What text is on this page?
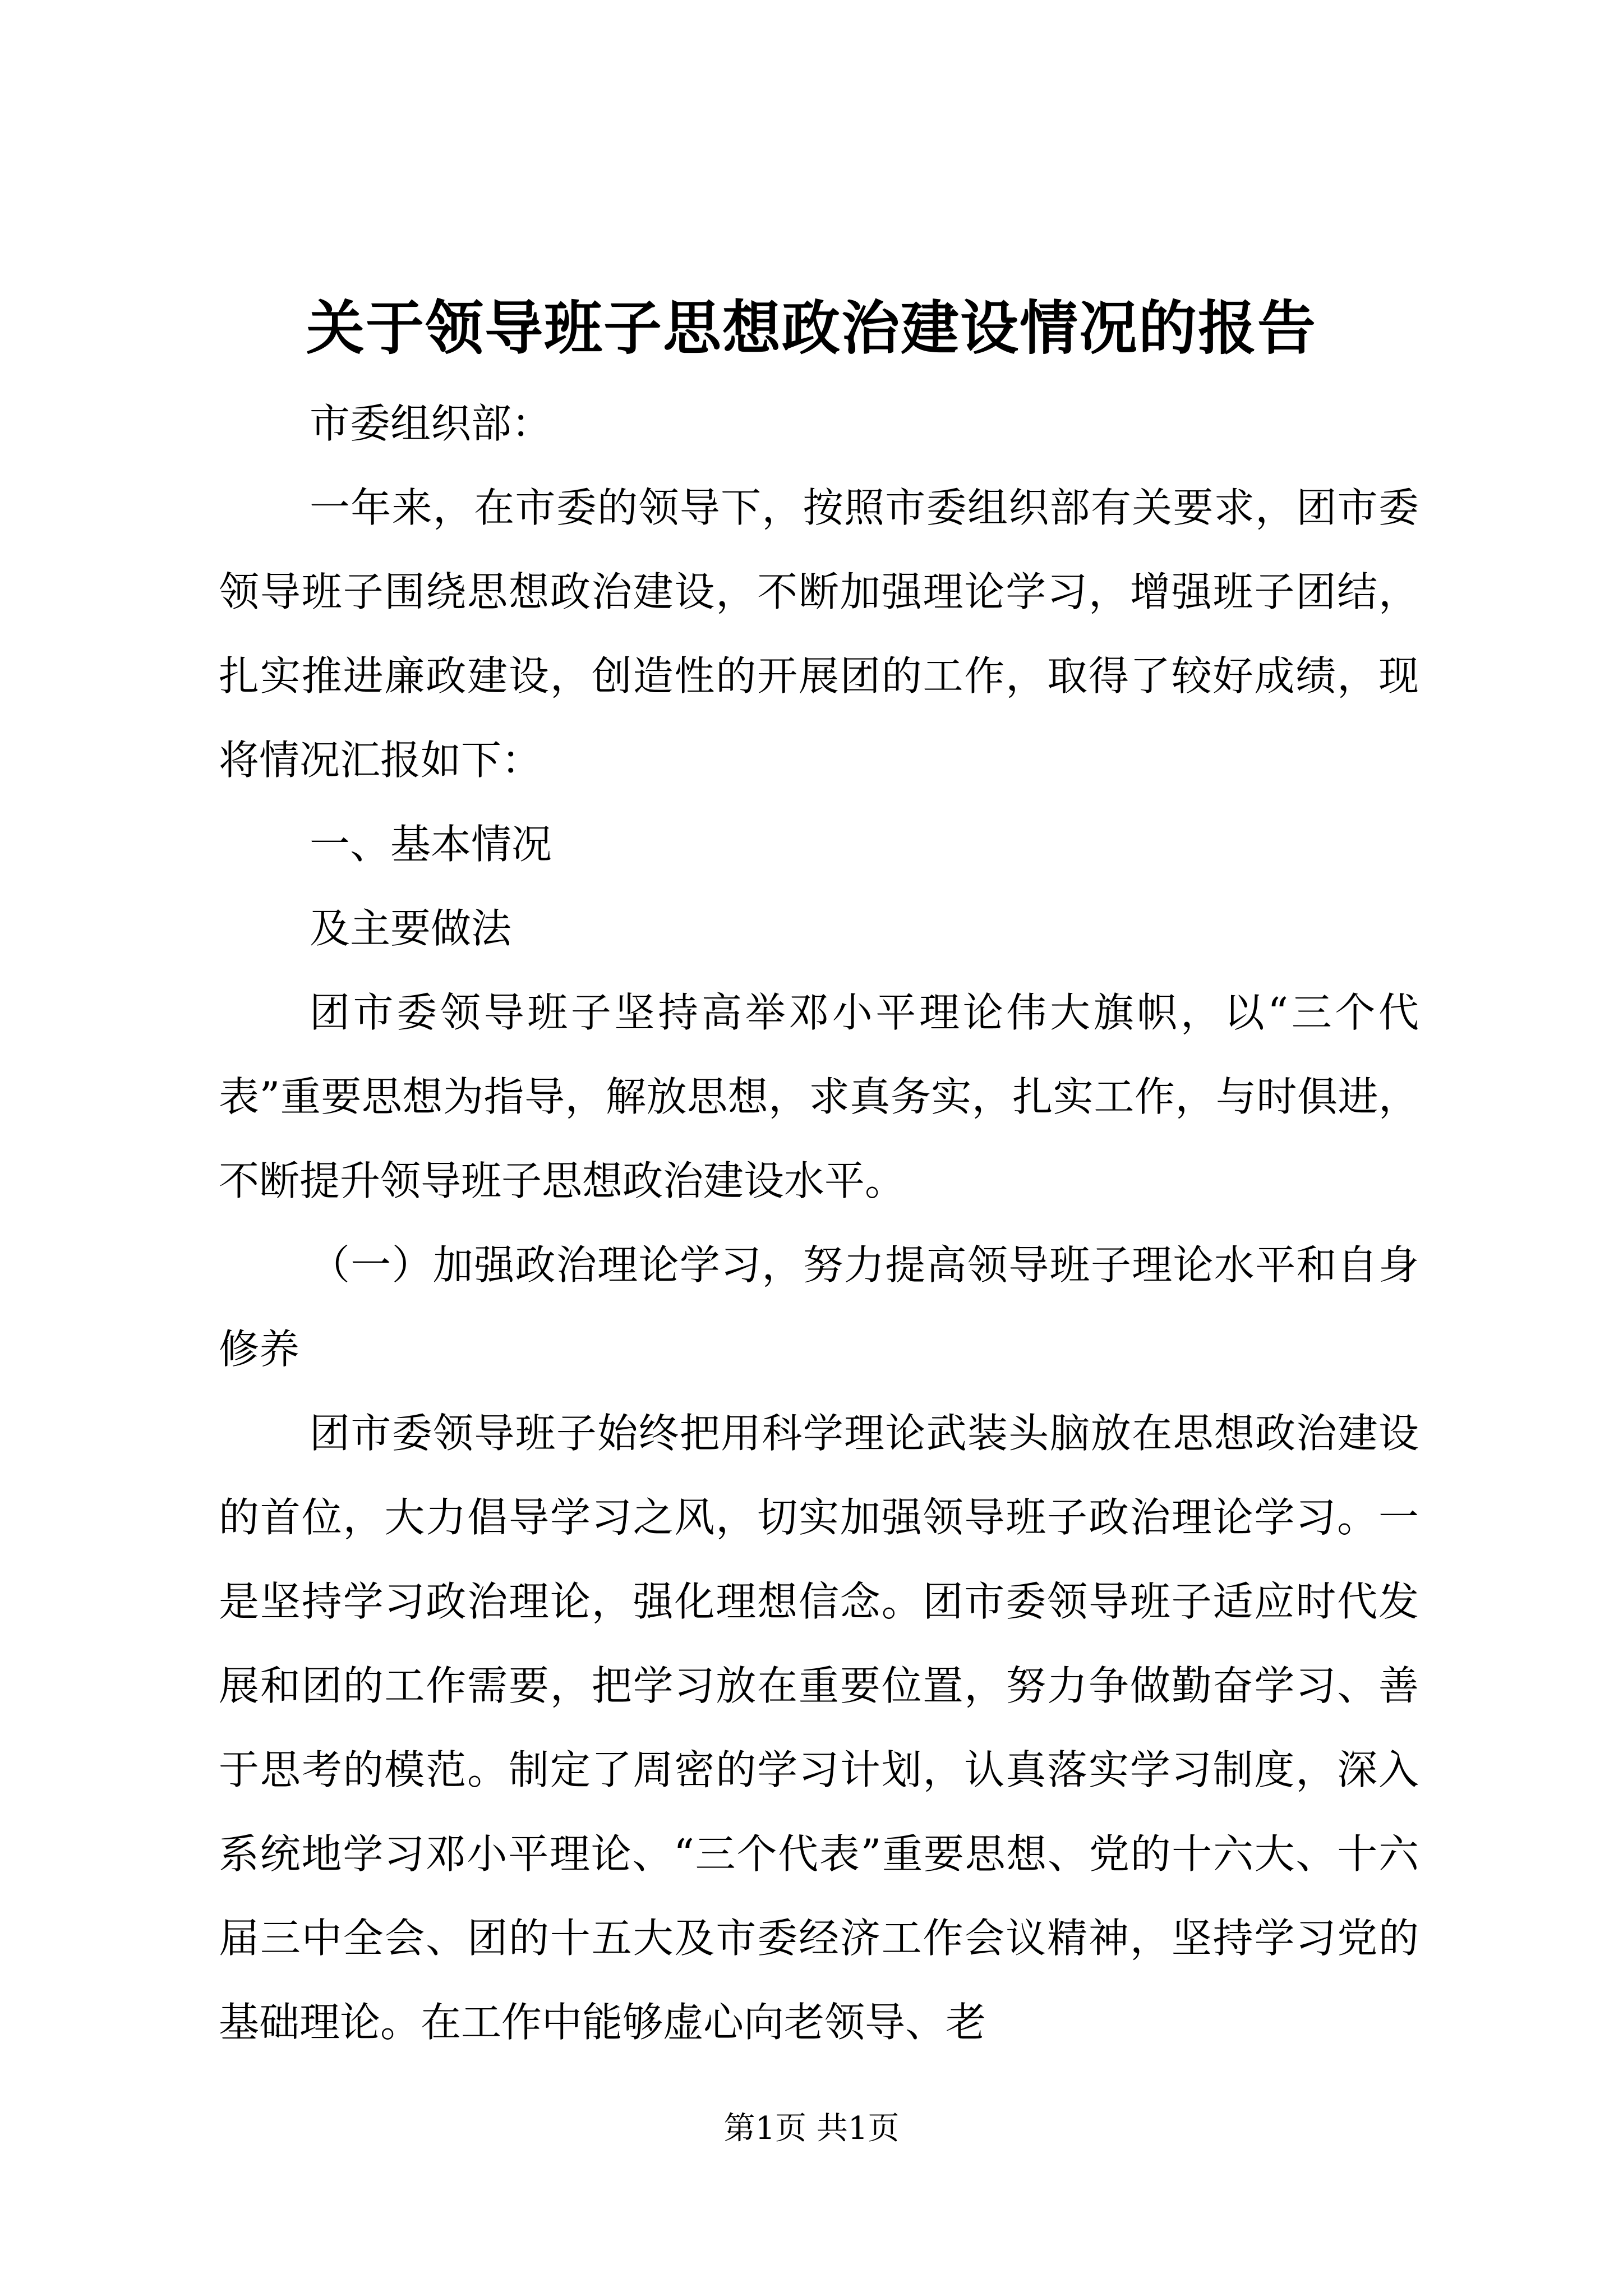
关于领导班子思想政治建设情况的报告

市委组织部：

一年来，在市委的领导下，按照市委组织部有关要求，团市委领导班子围绕思想政治建设，不断加强理论学习，增强班子团结，扎实推进廉政建设，创造性的开展团的工作，取得了较好成绩，现将情况汇报如下：

一、基本情况

及主要做法

团市委领导班子坚持高举邓小平理论伟大旗帜，以“三个代表”重要思想为指导，解放思想，求真务实，扎实工作，与时俱进，不断提升领导班子思想政治建设水平。

（一）加强政治理论学习，努力提高领导班子理论水平和自身修养

团市委领导班子始终把用科学理论武装头脑放在思想政治建设的首位，大力倡导学习之风，切实加强领导班子政治理论学习。一是坚持学习政治理论，强化理想信念。团市委领导班子适应时代发展和团的工作需要，把学习放在重要位置，努力争做勤奋学习、善于思考的模范。制定了周密的学习计划，认真落实学习制度，深入系统地学习邓小平理论、“三个代表”重要思想、党的十六大、十六届三中全会、团的十五大及市委经济工作会议精神，坚持学习党的基础理论。在工作中能够虚心向老领导、老

第1页 共1页
